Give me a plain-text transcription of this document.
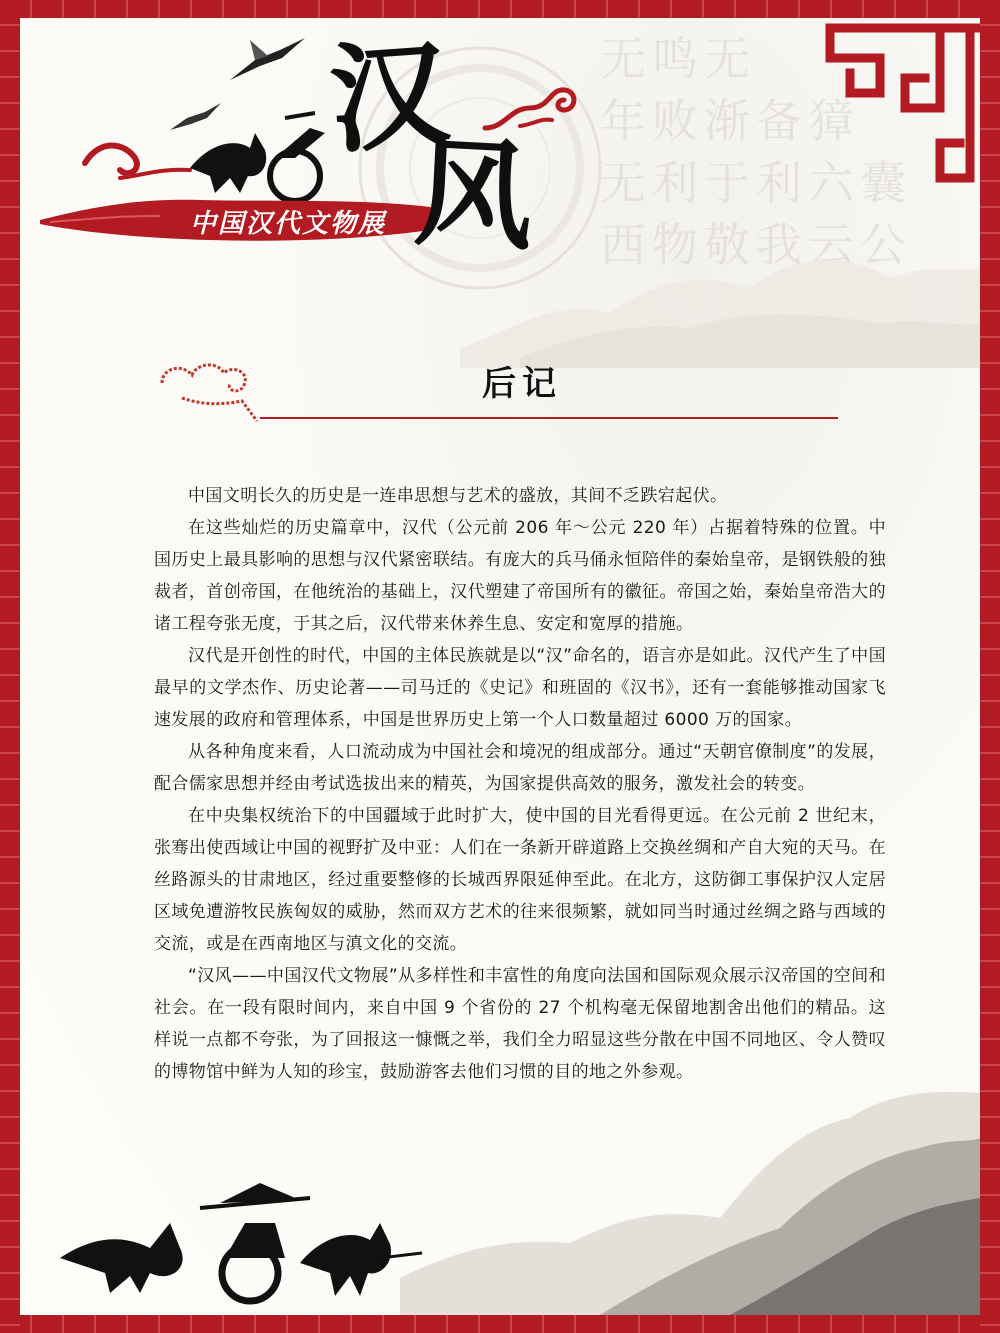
无鸣无
年败渐备獐
无利于利六囊
西物敬我云公
中国汉代文物展
汉
风
后记

中国文明长久的历史是一连串思想与艺术的盛放，其间不乏跌宕起伏。

在这些灿烂的历史篇章中，汉代（公元前 206 年～公元 220 年）占据着特殊的位置。中国历史上最具影响的思想与汉代紧密联结。有庞大的兵马俑永恒陪伴的秦始皇帝，是钢铁般的独裁者，首创帝国，在他统治的基础上，汉代塑建了帝国所有的徽征。帝国之始，秦始皇帝浩大的诸工程夸张无度，于其之后，汉代带来休养生息、安定和宽厚的措施。

汉代是开创性的时代，中国的主体民族就是以“汉”命名的，语言亦是如此。汉代产生了中国最早的文学杰作、历史论著——司马迁的《史记》和班固的《汉书》，还有一套能够推动国家飞速发展的政府和管理体系，中国是世界历史上第一个人口数量超过 6000 万的国家。

从各种角度来看，人口流动成为中国社会和境况的组成部分。通过“天朝官僚制度”的发展，配合儒家思想并经由考试选拔出来的精英，为国家提供高效的服务，激发社会的转变。

在中央集权统治下的中国疆域于此时扩大，使中国的目光看得更远。在公元前 2 世纪末，张骞出使西域让中国的视野扩及中亚：人们在一条新开辟道路上交换丝绸和产自大宛的天马。在丝路源头的甘肃地区，经过重要整修的长城西界限延伸至此。在北方，这防御工事保护汉人定居区域免遭游牧民族匈奴的威胁，然而双方艺术的往来很频繁，就如同当时通过丝绸之路与西域的交流，或是在西南地区与滇文化的交流。

“汉风——中国汉代文物展”从多样性和丰富性的角度向法国和国际观众展示汉帝国的空间和社会。在一段有限时间内，来自中国 9 个省份的 27 个机构毫无保留地割舍出他们的精品。这样说一点都不夸张，为了回报这一慷慨之举，我们全力昭显这些分散在中国不同地区、令人赞叹的博物馆中鲜为人知的珍宝，鼓励游客去他们习惯的目的地之外参观。
